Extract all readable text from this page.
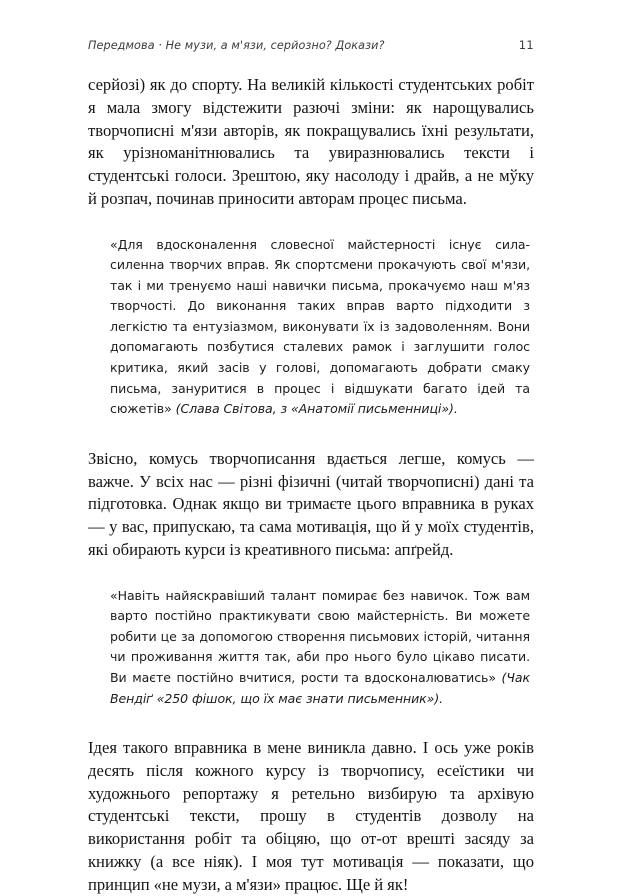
Передмова · Не музи, а м'язи, серйозно? Докази?	11

серйозі) як до спорту. На великій кількості студентських робіт я мала змогу відстежити разючі зміни: як нарощувались творчописні м'язи авторів, як покращувались їхні результати, як урізноманітнювались та увиразнювались тексти і студентські голоси. Зрештою, яку насолоду і драйв, а не мўку й розпач, починав приносити авторам процес письма.

«Для вдосконалення словесної майстерності існує сила-силенна творчих вправ. Як спортсмени прокачують свої м'язи, так і ми тренуємо наші навички письма, прокачуємо наш м'яз творчості. До виконання таких вправ варто підходити з легкістю та ентузіазмом, виконувати їх із задоволенням. Вони допомагають позбутися сталевих рамок і заглушити голос критика, який засів у голові, допомагають добрати смаку письма, зануритися в процес і відшукати багато ідей та сюжетів» (Слава Світова, з «Анатомії письменниці»).

Звісно, комусь творчописання вдається легше, комусь — важче. У всіх нас — різні фізичні (читай творчописні) дані та підготовка. Однак якщо ви тримаєте цього вправника в руках — у вас, припускаю, та сама мотивація, що й у моїх студентів, які обирають курси із креативного письма: апґрейд.

«Навіть найяскравіший талант помирає без навичок. Тож вам варто постійно практикувати свою майстерність. Ви можете робити це за допомогою створення письмових історій, читання чи проживання життя так, аби про нього було цікаво писати. Ви маєте постійно вчитися, рости та вдосконалюватись» (Чак Вендіґ «250 фішок, що їх має знати письменник»).

Ідея такого вправника в мене виникла давно. І ось уже років десять після кожного курсу із творчопису, есеїстики чи художнього репортажу я ретельно визбирую та архівую студентські тексти, прошу в студентів дозволу на використання робіт та обіцяю, що от-от врешті засяду за книжку (а все ніяк). І моя тут мотивація — показати, що принцип «не музи, а м'язи» працює. Ще й як!
